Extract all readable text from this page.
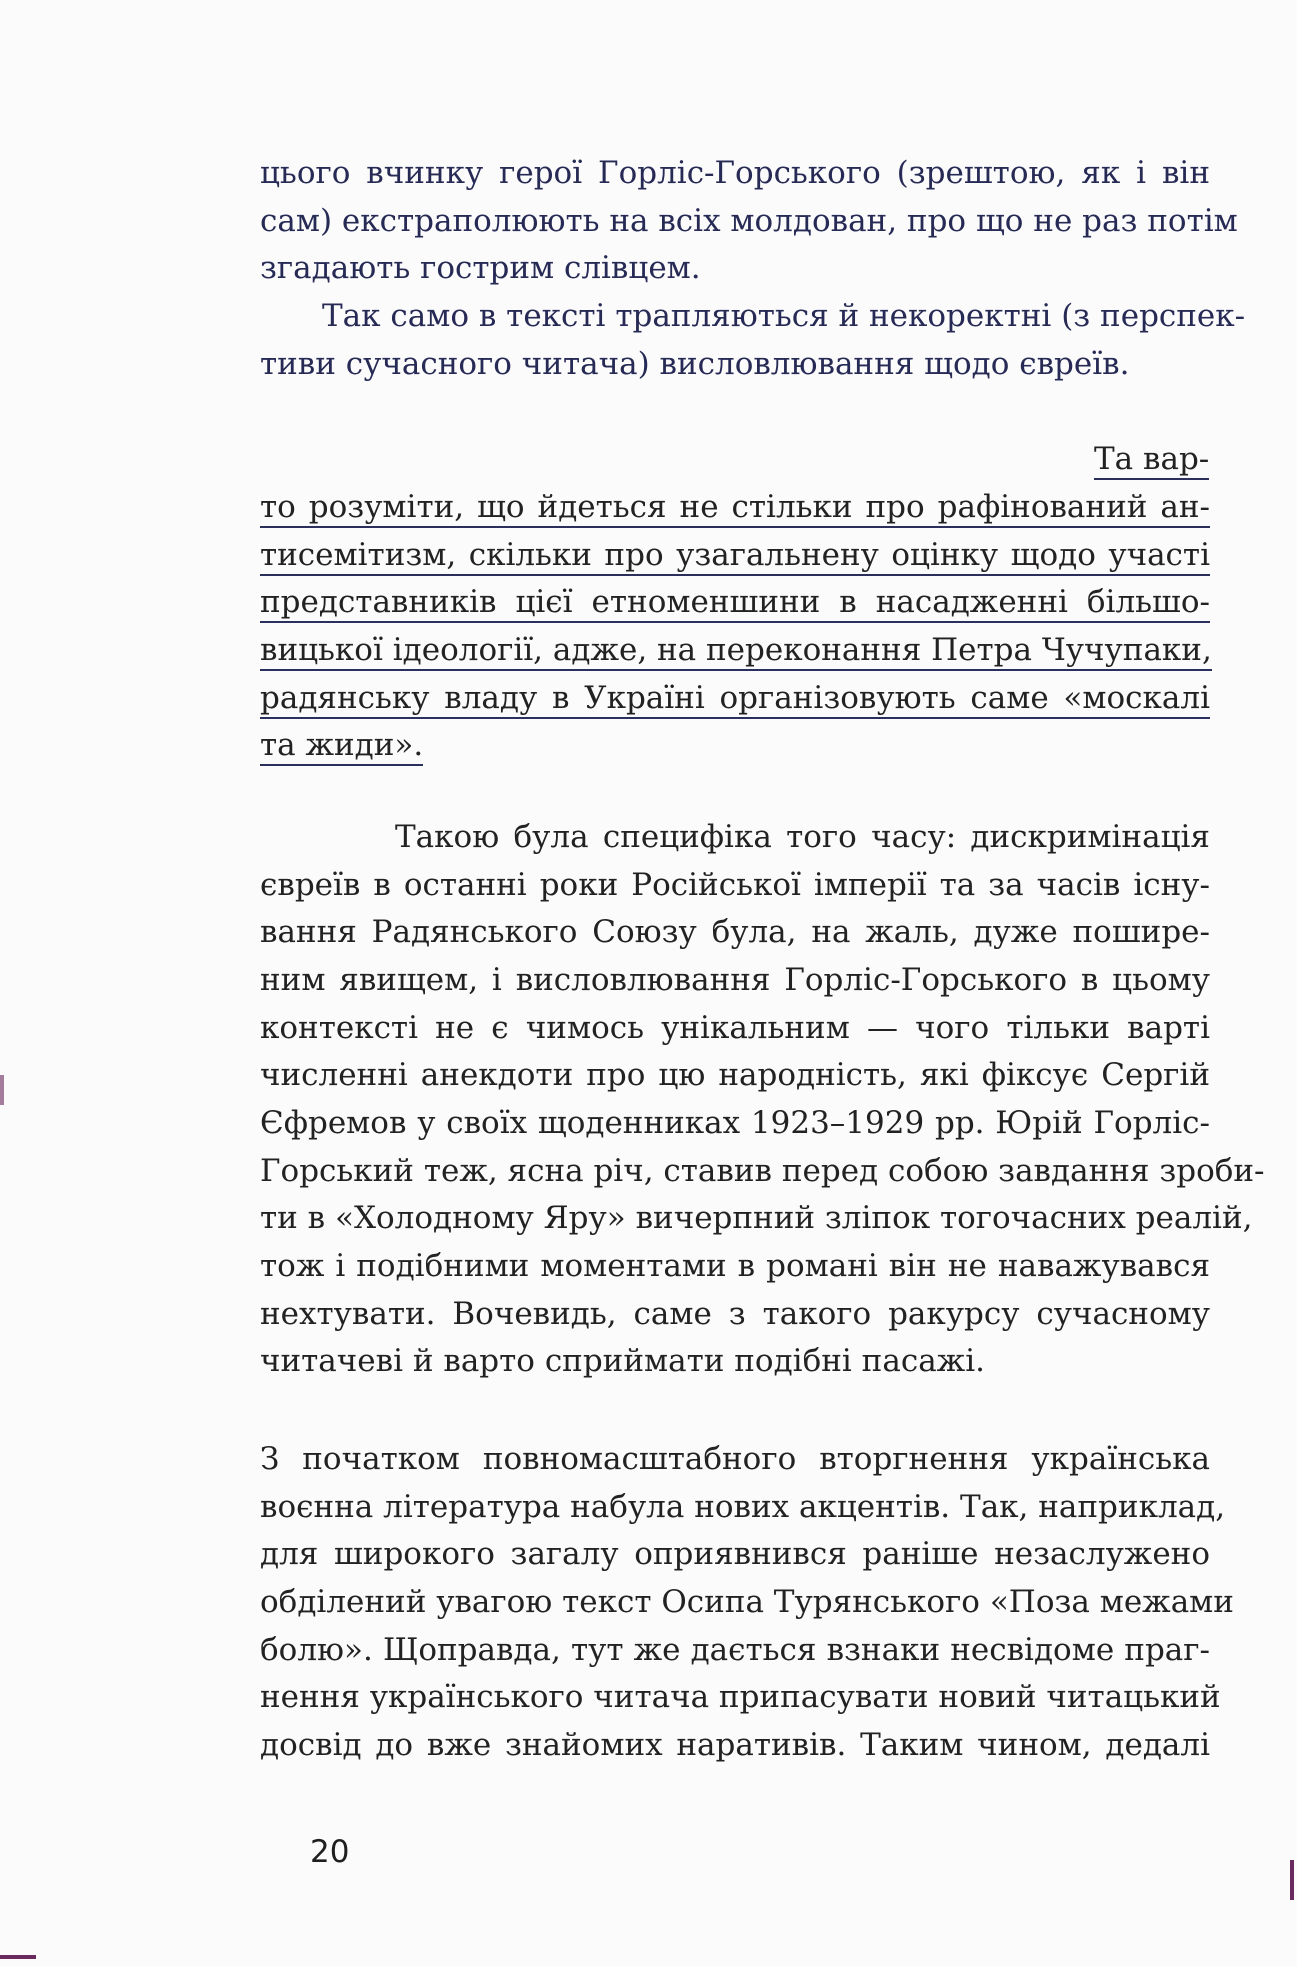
цього вчинку герої Горліс-Горського (зрештою, як і він
сам) екстраполюють на всіх молдован, про що не раз потім
згадають гострим слівцем.
Так само в тексті трапляються й некоректні (з перспек-
тиви сучасного читача) висловлювання щодо євреїв.
Та вар-
то розуміти, що йдеться не стільки про рафінований ан-
тисемітизм, скільки про узагальнену оцінку щодо участі
представників цієї етноменшини в насадженні більшо-
вицької ідеології, адже, на переконання Петра Чучупаки,
радянську владу в Україні організовують саме «москалі
та жиди».
Такою була специфіка того часу: дискримінація
євреїв в останні роки Російської імперії та за часів існу-
вання Радянського Союзу була, на жаль, дуже пошире-
ним явищем, і висловлювання Горліс-Горського в цьому
контексті не є чимось унікальним — чого тільки варті
численні анекдоти про цю народність, які фіксує Сергій
Єфремов у своїх щоденниках 1923–1929 рр. Юрій Горліс-
Горський теж, ясна річ, ставив перед собою завдання зроби-
ти в «Холодному Яру» вичерпний зліпок тогочасних реалій,
тож і подібними моментами в романі він не наважувався
нехтувати. Вочевидь, саме з такого ракурсу сучасному
читачеві й варто сприймати подібні пасажі.
З початком повномасштабного вторгнення українська
воєнна література набула нових акцентів. Так, наприклад,
для широкого загалу оприявнився раніше незаслужено
обділений увагою текст Осипа Турянського «Поза межами
болю». Щоправда, тут же дається взнаки несвідоме праг-
нення українського читача припасувати новий читацький
досвід до вже знайомих наративів. Таким чином, дедалі
20
